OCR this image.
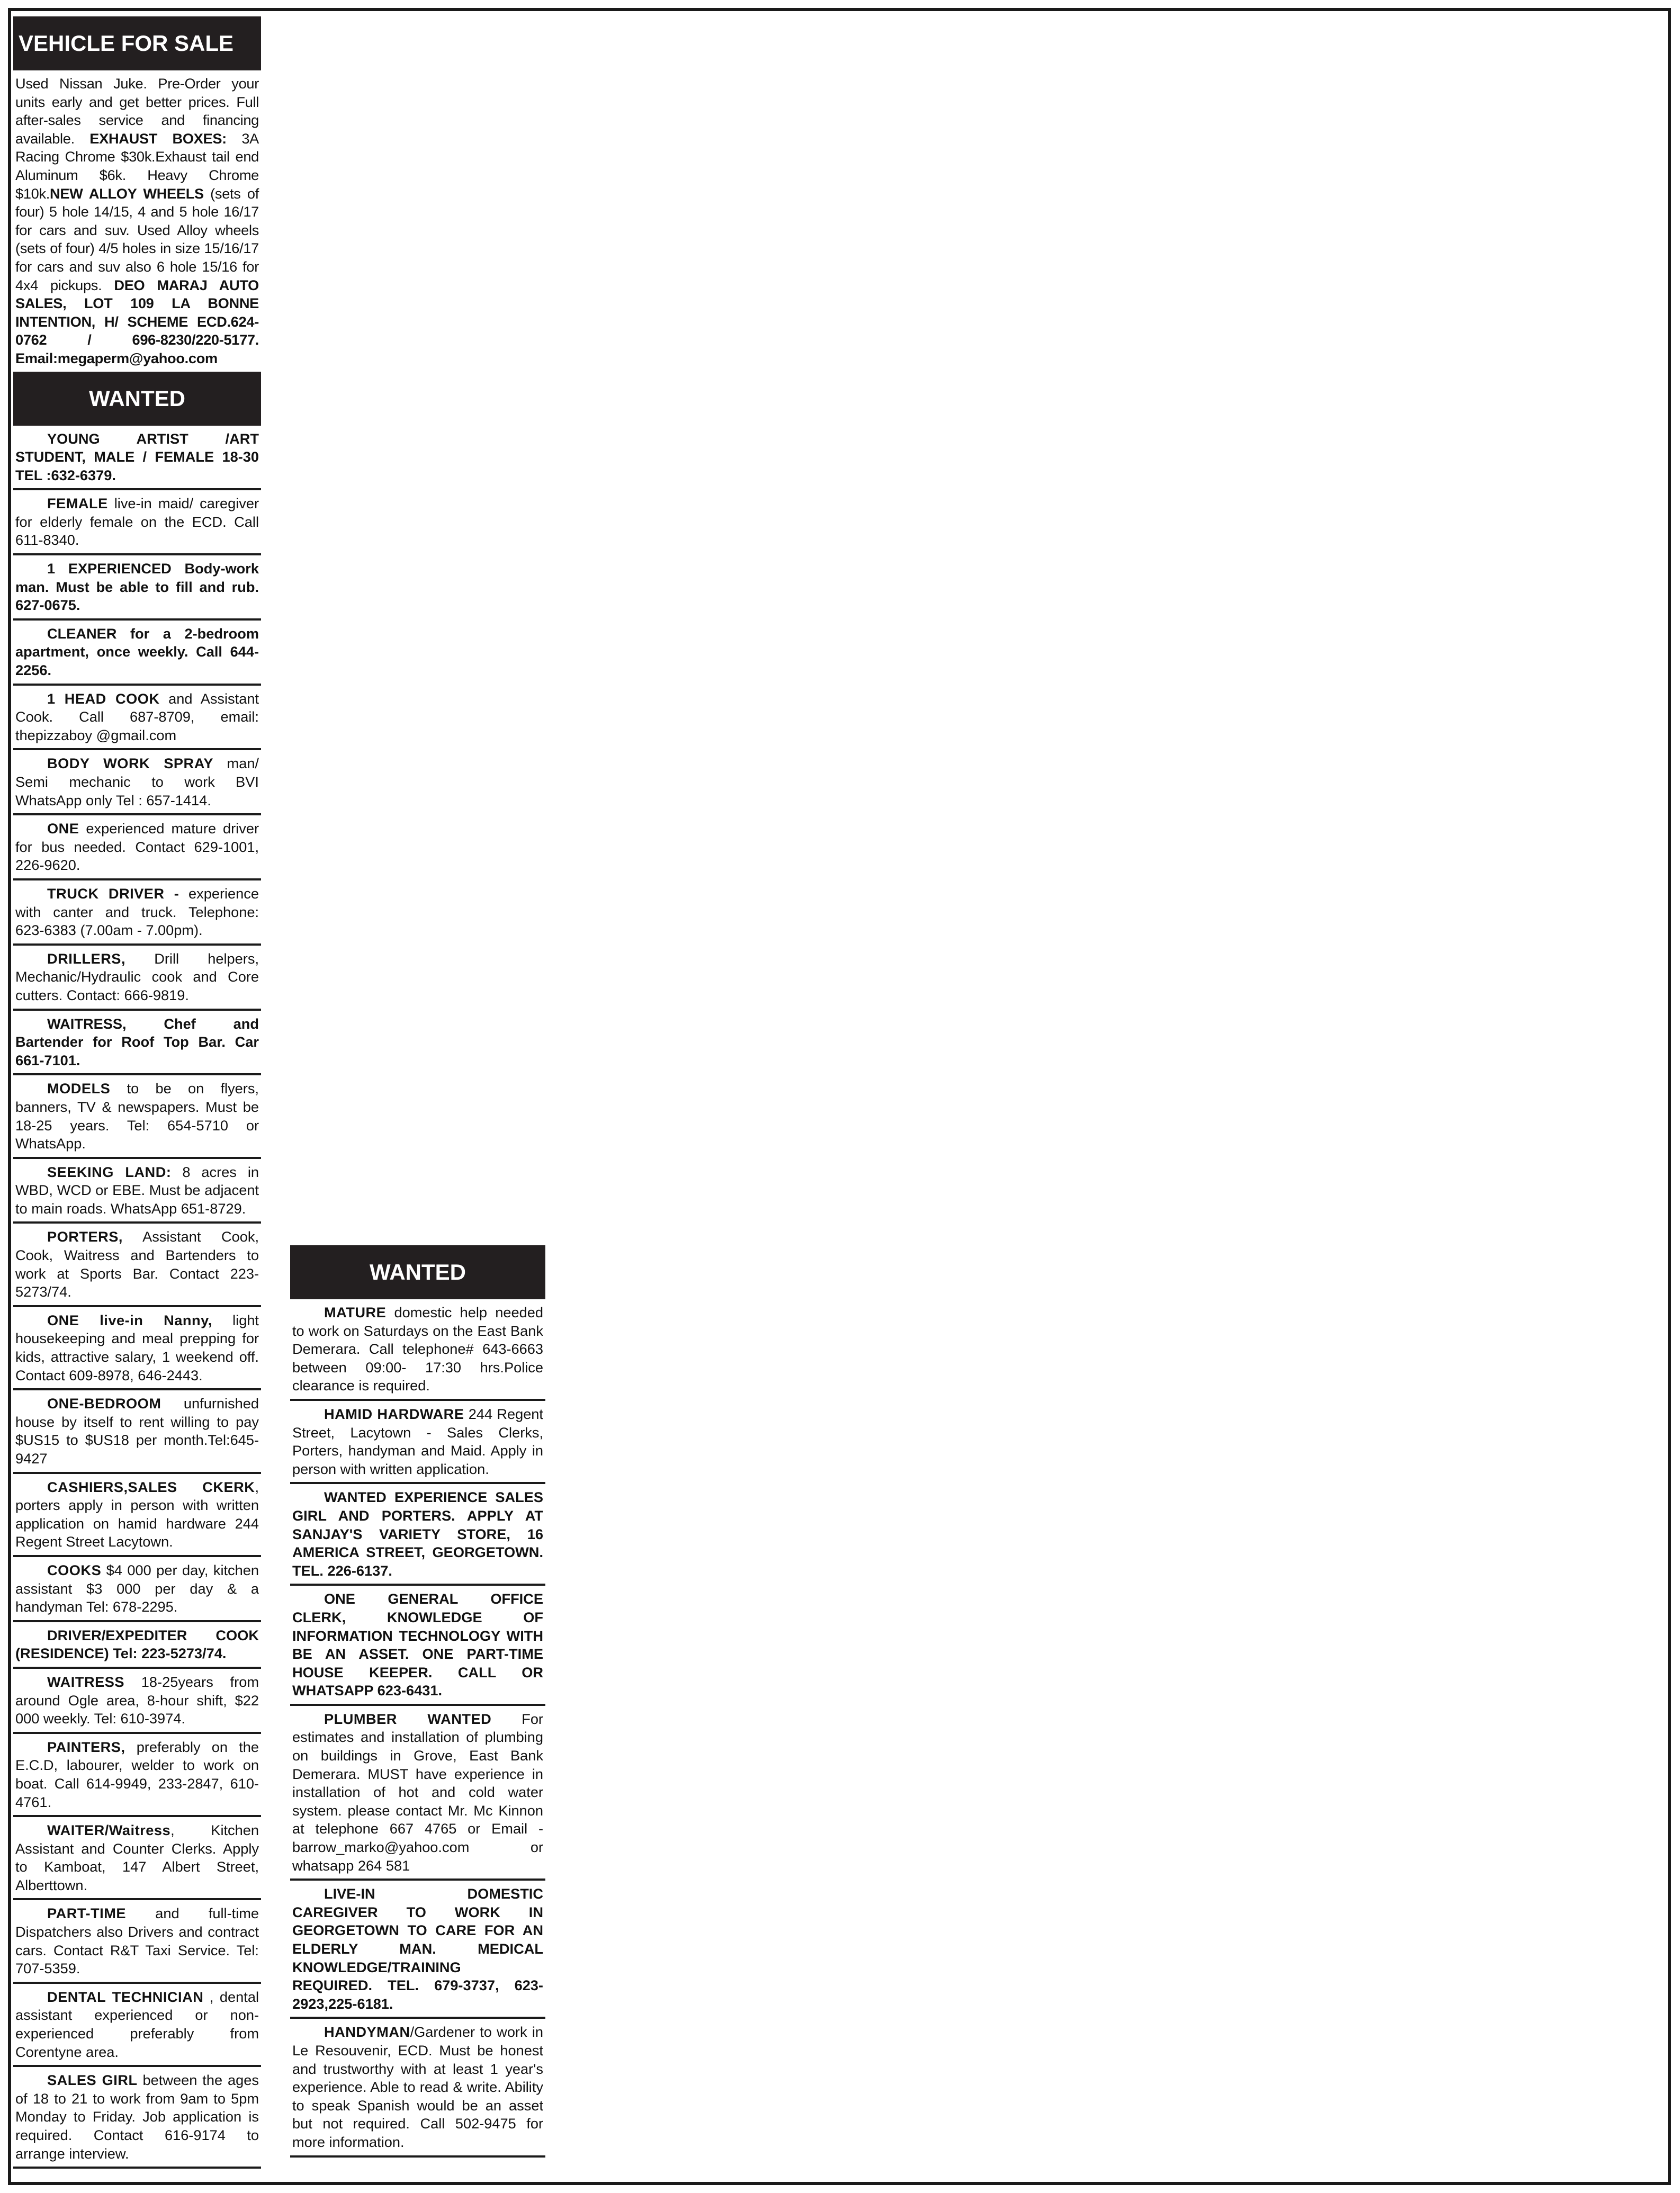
VEHICLE FOR SALE
Used Nissan Juke. Pre-Order your units early and get better prices. Full after-sales service and financing available. EXHAUST BOXES: 3A Racing Chrome $30k.Exhaust tail end Aluminum $6k. Heavy Chrome $10k.NEW ALLOY WHEELS (sets of four) 5 hole 14/15, 4 and 5 hole 16/17 for cars and suv. Used Alloy wheels (sets of four) 4/5 holes in size 15/16/17 for cars and suv also 6 hole 15/16 for 4x4 pickups. DEO MARAJ AUTO SALES, LOT 109 LA BONNE INTENTION, H/ SCHEME ECD.624-0762 / 696-8230/220-5177. Email:megaperm@yahoo.com
WANTED
YOUNG ARTIST /ART STUDENT, MALE / FEMALE 18-30 TEL :632-6379.
FEMALE live-in maid/ caregiver for elderly female on the ECD. Call 611-8340.
1 EXPERIENCED Body-work man. Must be able to fill and rub. 627-0675.
CLEANER for a 2-bedroom apartment, once weekly. Call 644-2256.
1 HEAD COOK and Assistant Cook. Call 687-8709, email: thepizzaboy @gmail.com
BODY WORK SPRAY man/ Semi mechanic to work BVI WhatsApp only Tel : 657-1414.
ONE experienced mature driver for bus needed. Contact 629-1001, 226-9620.
TRUCK DRIVER - experience with canter and truck. Telephone: 623-6383 (7.00am - 7.00pm).
DRILLERS, Drill helpers, Mechanic/Hydraulic cook and Core cutters. Contact: 666-9819.
WAITRESS, Chef and Bartender for Roof Top Bar. Car 661-7101.
MODELS to be on flyers, banners, TV & newspapers. Must be 18-25 years. Tel: 654-5710 or WhatsApp.
SEEKING LAND: 8 acres in WBD, WCD or EBE. Must be adjacent to main roads. WhatsApp 651-8729.
PORTERS, Assistant Cook, Cook, Waitress and Bartenders to work at Sports Bar. Contact 223-5273/74.
ONE live-in Nanny, light housekeeping and meal prepping for kids, attractive salary, 1 weekend off. Contact 609-8978, 646-2443.
ONE-BEDROOM unfurnished house by itself to rent willing to pay $US15 to $US18 per month.Tel:645-9427
CASHIERS,SALES CKERK, porters apply in person with written application on hamid hardware 244 Regent Street Lacytown.
COOKS $4 000 per day, kitchen assistant $3 000 per day & a handyman Tel: 678-2295.
DRIVER/EXPEDITER COOK (RESIDENCE) Tel: 223-5273/74.
WAITRESS 18-25years from around Ogle area, 8-hour shift, $22 000 weekly. Tel: 610-3974.
PAINTERS, preferably on the E.C.D, labourer, welder to work on boat. Call 614-9949, 233-2847, 610-4761.
WAITER/Waitress, Kitchen Assistant and Counter Clerks. Apply to Kamboat, 147 Albert Street, Alberttown.
PART-TIME and full-time Dispatchers also Drivers and contract cars. Contact R&T Taxi Service. Tel: 707-5359.
DENTAL TECHNICIAN , dental assistant experienced or non-experienced preferably from Corentyne area.
SALES GIRL between the ages of 18 to 21 to work from 9am to 5pm Monday to Friday. Job application is required. Contact 616-9174 to arrange interview.
WANTED
MATURE domestic help needed to work on Saturdays on the East Bank Demerara. Call telephone# 643-6663 between 09:00- 17:30 hrs.Police clearance is required.
HAMID HARDWARE 244 Regent Street, Lacytown - Sales Clerks, Porters, handyman and Maid. Apply in person with written application.
WANTED EXPERIENCE SALES GIRL AND PORTERS. APPLY AT SANJAY'S VARIETY STORE, 16 AMERICA STREET, GEORGETOWN. TEL. 226-6137.
ONE GENERAL OFFICE CLERK, KNOWLEDGE OF INFORMATION TECHNOLOGY WITH BE AN ASSET. ONE PART-TIME HOUSE KEEPER. CALL OR WHATSAPP 623-6431.
PLUMBER WANTED For estimates and installation of plumbing on buildings in Grove, East Bank Demerara. MUST have experience in installation of hot and cold water system. please contact Mr. Mc Kinnon at telephone 667 4765 or Email - barrow_marko@yahoo.com or whatsapp 264 581
LIVE-IN DOMESTIC CAREGIVER TO WORK IN GEORGETOWN TO CARE FOR AN ELDERLY MAN. MEDICAL KNOWLEDGE/TRAINING REQUIRED. TEL. 679-3737, 623-2923,225-6181.
HANDYMAN/Gardener to work in Le Resouvenir, ECD. Must be honest and trustworthy with at least 1 year's experience. Able to read & write. Ability to speak Spanish would be an asset but not required. Call 502-9475 for more information.
